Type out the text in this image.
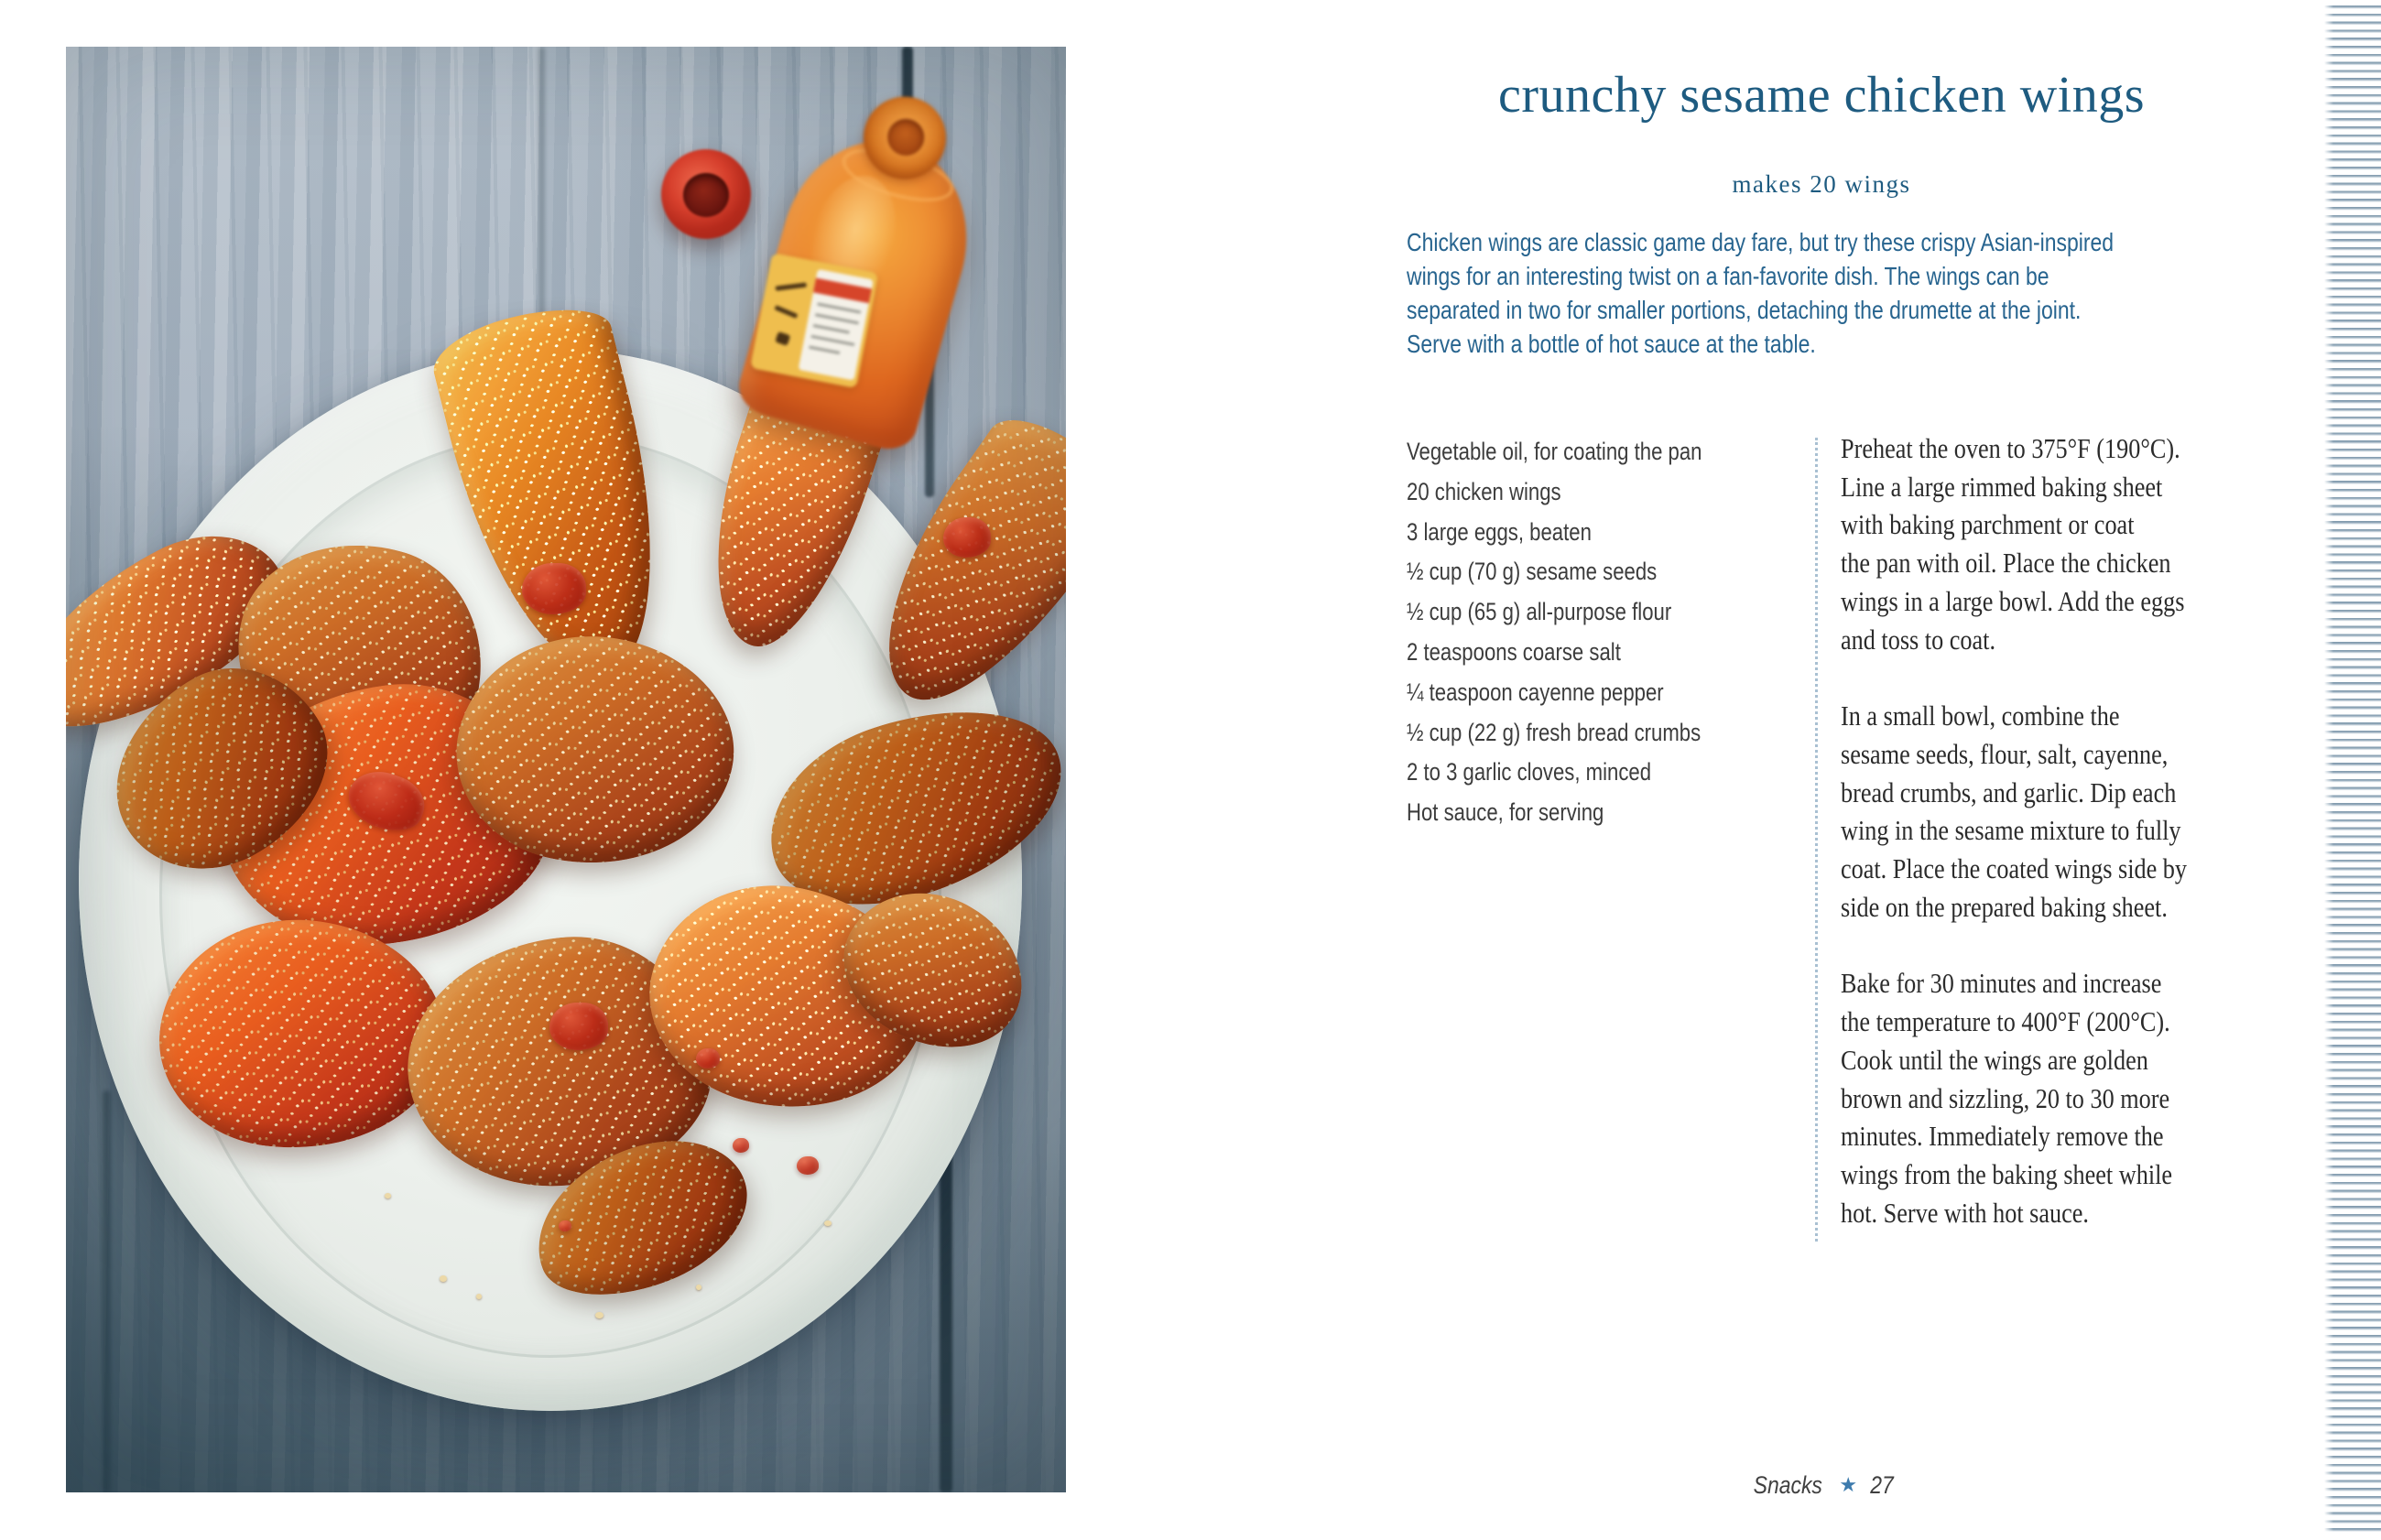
crunchy sesame chicken wings
makes 20 wings
Chicken wings are classic game day fare, but try these crispy Asian-inspired
wings for an interesting twist on a fan-favorite dish. The wings can be
separated in two for smaller portions, detaching the drumette at the joint.
Serve with a bottle of hot sauce at the table.
Vegetable oil, for coating the pan
20 chicken wings
3 large eggs, beaten
½ cup (70 g) sesame seeds
½ cup (65 g) all-purpose flour
2 teaspoons coarse salt
¼ teaspoon cayenne pepper
½ cup (22 g) fresh bread crumbs
2 to 3 garlic cloves, minced
Hot sauce, for serving
Preheat the oven to 375°F (190°C).
Line a large rimmed baking sheet
with baking parchment or coat
the pan with oil. Place the chicken
wings in a large bowl. Add the eggs
and toss to coat.
In a small bowl, combine the
sesame seeds, flour, salt, cayenne,
bread crumbs, and garlic. Dip each
wing in the sesame mixture to fully
coat. Place the coated wings side by
side on the prepared baking sheet.
Bake for 30 minutes and increase
the temperature to 400°F (200°C).
Cook until the wings are golden
brown and sizzling, 20 to 30 more
minutes. Immediately remove the
wings from the baking sheet while
hot. Serve with hot sauce.
Snacks ★ 27
